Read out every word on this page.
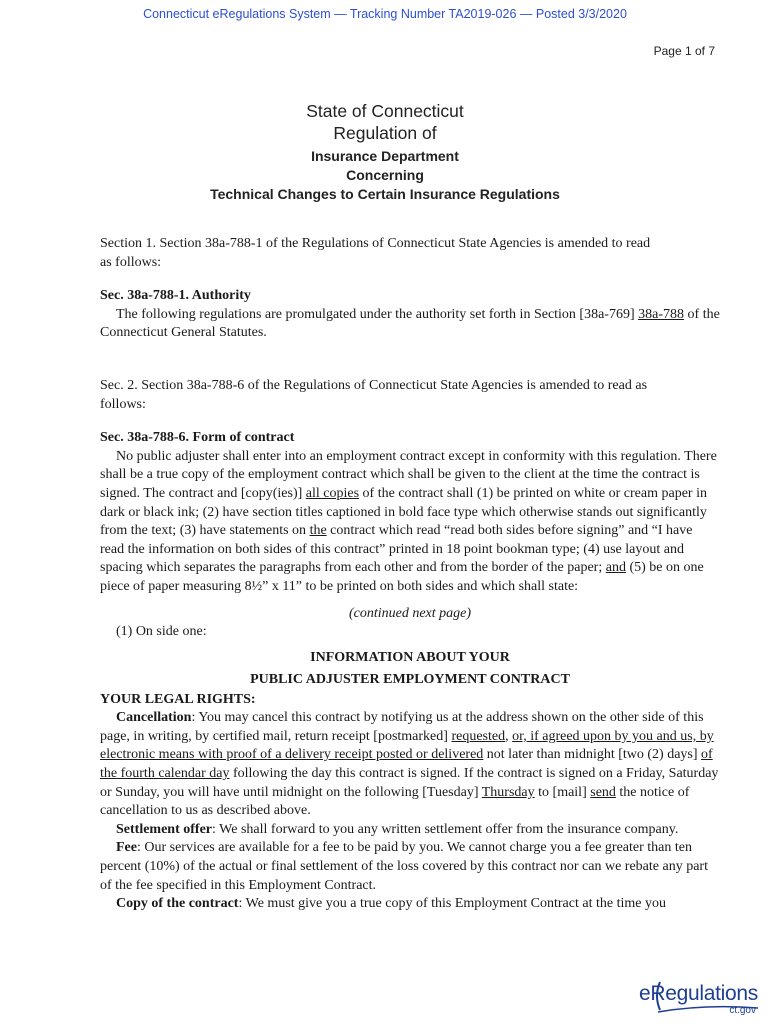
Connecticut eRegulations System — Tracking Number TA2019-026 — Posted 3/3/2020
Page 1 of 7
State of Connecticut
Regulation of
Insurance Department
Concerning
Technical Changes to Certain Insurance Regulations

Section 1. Section 38a-788-1 of the Regulations of Connecticut State Agencies is amended to read
as follows:

Sec. 38a-788-1. Authority

The following regulations are promulgated under the authority set forth in Section [38a-769] 38a-788 of the Connecticut General Statutes.

Sec. 2. Section 38a-788-6 of the Regulations of Connecticut State Agencies is amended to read as
follows:

Sec. 38a-788-6. Form of contract

No public adjuster shall enter into an employment contract except in conformity with this regulation. There shall be a true copy of the employment contract which shall be given to the client at the time the contract is signed. The contract and [copy(ies)] all copies of the contract shall (1) be printed on white or cream paper in dark or black ink; (2) have section titles captioned in bold face type which otherwise stands out significantly from the text; (3) have statements on the contract which read “read both sides before signing” and “I have read the information on both sides of this contract” printed in 18 point bookman type; (4) use layout and spacing which separates the paragraphs from each other and from the border of the paper; and (5) be on one piece of paper measuring 8½” x 11” to be printed on both sides and which shall state:

(continued next page)

(1) On side one:

INFORMATION ABOUT YOUR

PUBLIC ADJUSTER EMPLOYMENT CONTRACT

YOUR LEGAL RIGHTS:

Cancellation: You may cancel this contract by notifying us at the address shown on the other side of this page, in writing, by certified mail, return receipt [postmarked] requested, or, if agreed upon by you and us, by electronic means with proof of a delivery receipt posted or delivered not later than midnight [two (2) days] of the fourth calendar day following the day this contract is signed. If the contract is signed on a Friday, Saturday or Sunday, you will have until midnight on the following [Tuesday] Thursday to [mail] send the notice of cancellation to us as described above.

Settlement offer: We shall forward to you any written settlement offer from the insurance company.

Fee: Our services are available for a fee to be paid by you. We cannot charge you a fee greater than ten percent (10%) of the actual or final settlement of the loss covered by this contract nor can we rebate any part of the fee specified in this Employment Contract.

Copy of the contract: We must give you a true copy of this Employment Contract at the time you

eRegulations
ct.gov
